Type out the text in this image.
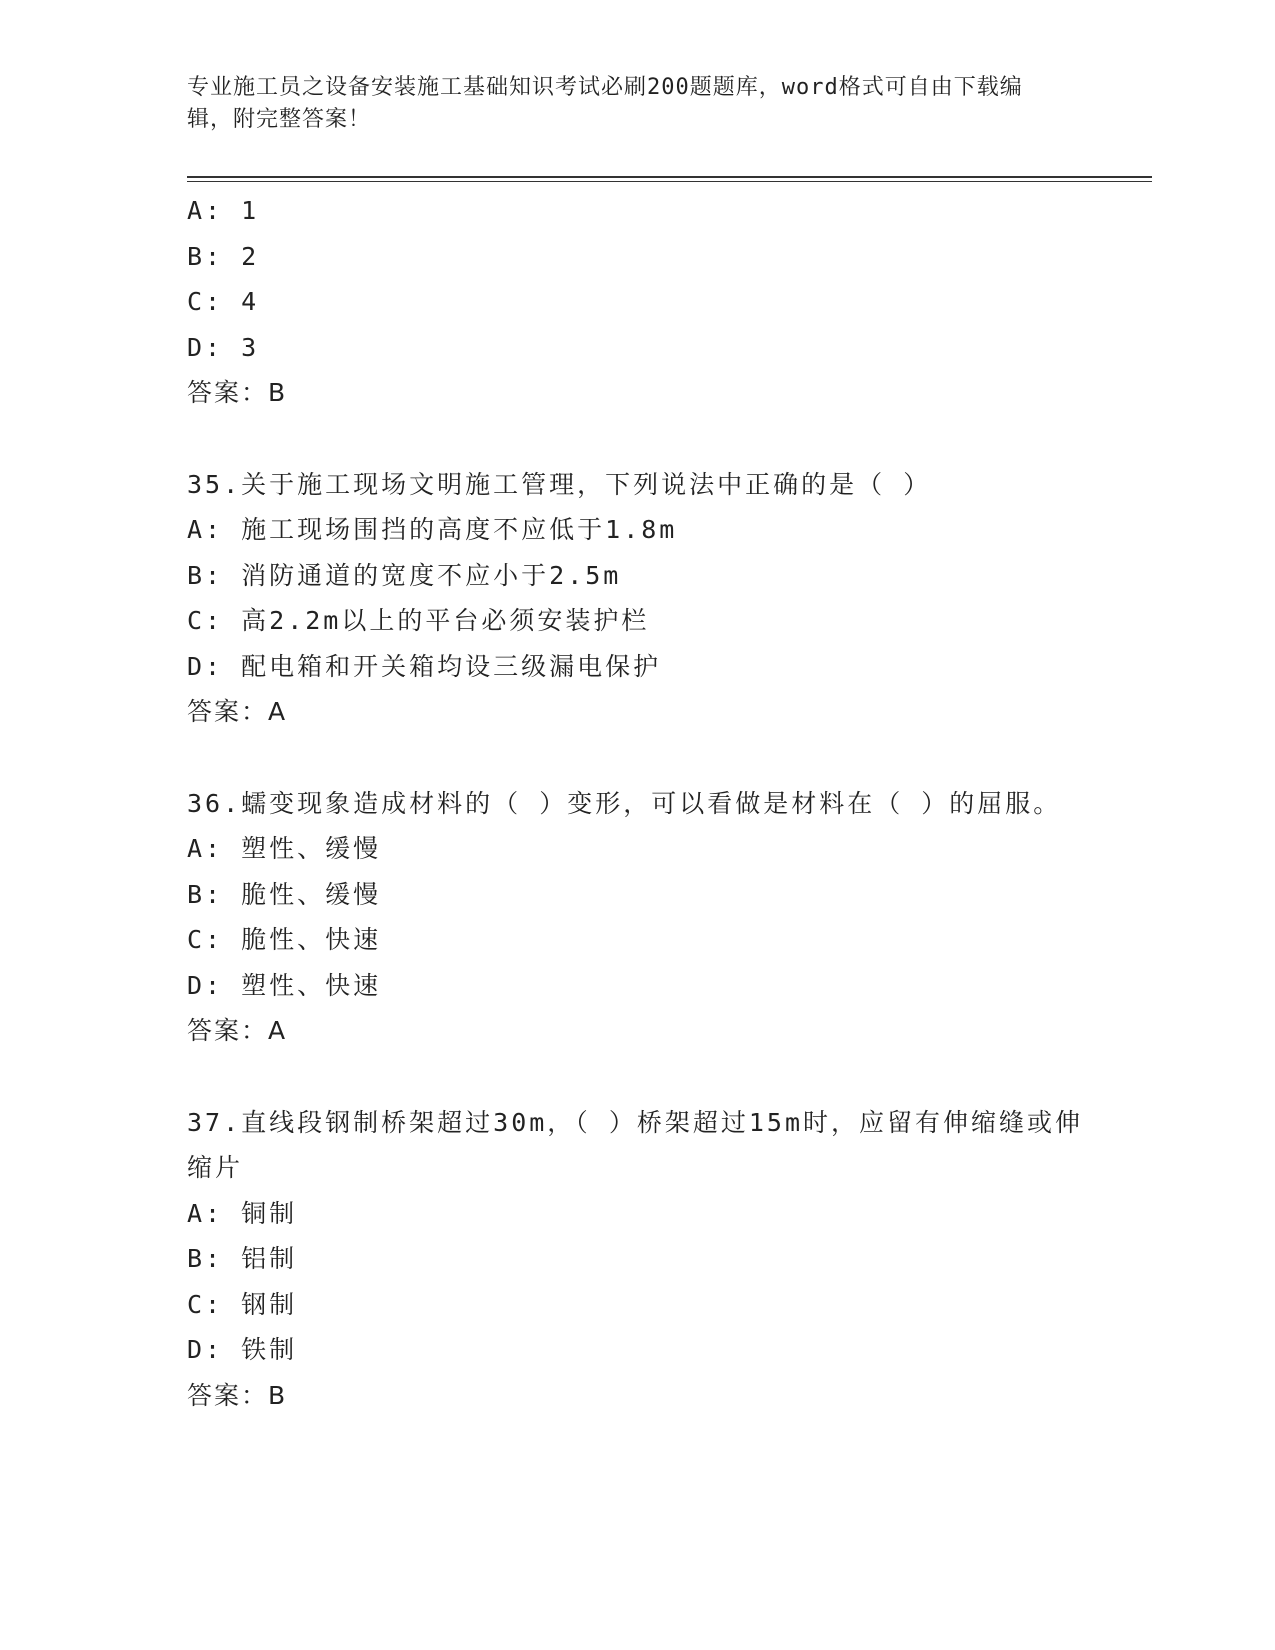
专业施工员之设备安装施工基础知识考试必刷200题题库，word格式可自由下载编辑，附完整答案！
A: 1
B: 2
C: 4
D: 3
答案：B
35.关于施工现场文明施工管理，下列说法中正确的是（ ）
A: 施工现场围挡的高度不应低于1.8m
B: 消防通道的宽度不应小于2.5m
C: 高2.2m以上的平台必须安装护栏
D: 配电箱和开关箱均设三级漏电保护
答案：A
36.蠕变现象造成材料的（ ）变形，可以看做是材料在（ ）的屈服。
A: 塑性、缓慢
B: 脆性、缓慢
C: 脆性、快速
D: 塑性、快速
答案：A
37.直线段钢制桥架超过30m，（ ）桥架超过15m时，应留有伸缩缝或伸缩片
A: 铜制
B: 铝制
C: 钢制
D: 铁制
答案：B
